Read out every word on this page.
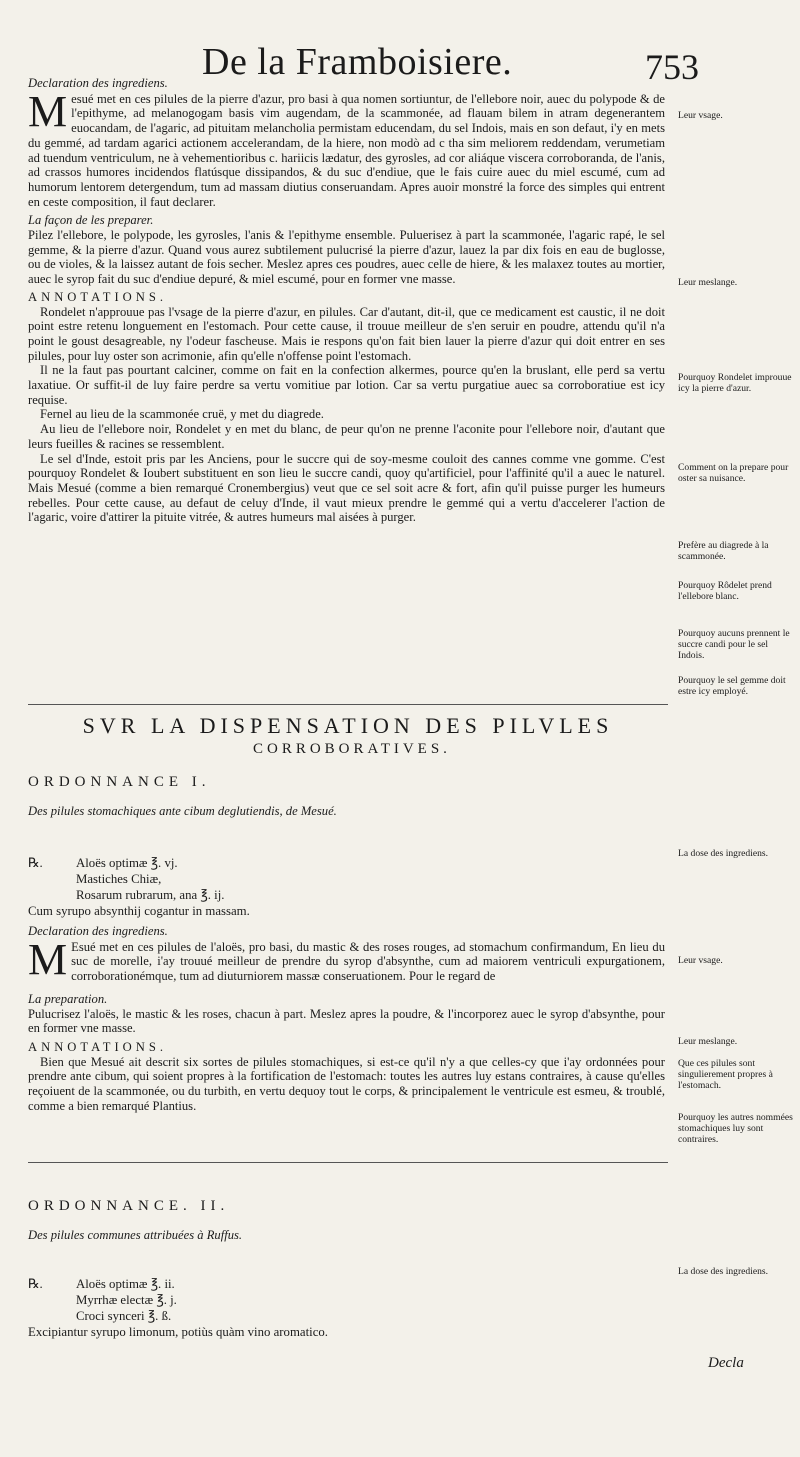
De la Framboisiere.	753

Declaration des ingrediens.

Mesué met en ces pilules de la pierre d'azur, pro basi à qua nomen sortiuntur, de l'ellebore noir, auec du polypode & de l'epithyme, ad melanogogam basis vim augendam, de la scammonée, ad flauam bilem in atram degenerantem euocandam, de l'agaric, ad pituitam melancholia permistam educendam, du sel Indois, mais en son defaut, i'y en mets du gemmé, ad tardam agarici actionem accelerandam, de la hiere, non modò ad c tha sim meliorem reddendam, verumetiam ad tuendum ventriculum, ne à vehementioribus c. hariicis lædatur, des gyrosles, ad cor aliáque viscera corroboranda, de l'anis, ad crassos humores incidendos flatúsque dissipandos, & du suc d'endiue, que le fais cuire auec du miel escumé, cum ad humorum lentorem detergendum, tum ad massam diutius conseruandam. Apres auoir monstré la force des simples qui entrent en ceste composition, il faut declarer.

La façon de les preparer.

Pilez l'ellebore, le polypode, les gyrosles, l'anis & l'epithyme ensemble. Puluerisez à part la scammonée, l'agaric rapé, le sel gemme, & la pierre d'azur. Quand vous aurez subtilement pulucrisé la pierre d'azur, lauez la par dix fois en eau de buglosse, ou de violes, & la laissez autant de fois secher. Meslez apres ces poudres, auec celle de hiere, & les malaxez toutes au mortier, auec le syrop fait du suc d'endiue depuré, & miel escumé, pour en former vne masse.

ANNOTATIONS.

Rondelet n'approuue pas l'vsage de la pierre d'azur, en pilules. Car d'autant, dit-il, que ce medicament est caustic, il ne doit point estre retenu longuement en l'estomach. Pour cette cause, il trouue meilleur de s'en seruir en poudre, attendu qu'il n'a point le goust desagreable, ny l'odeur fascheuse. Mais ie respons qu'on fait bien lauer la pierre d'azur qui doit entrer en ses pilules, pour luy oster son acrimonie, afin qu'elle n'offense point l'estomach.

Il ne la faut pas pourtant calciner, comme on fait en la confection alkermes, pource qu'en la bruslant, elle perd sa vertu laxatiue. Or suffit-il de luy faire perdre sa vertu vomitiue par lotion. Car sa vertu purgatiue auec sa corroboratiue est icy requise.

Fernel au lieu de la scammonée cruë, y met du diagrede.

Au lieu de l'ellebore noir, Rondelet y en met du blanc, de peur qu'on ne prenne l'aconite pour l'ellebore noir, d'autant que leurs fueilles & racines se ressemblent.

Le sel d'Inde, estoit pris par les Anciens, pour le succre qui de soy-mesme couloit des cannes comme vne gomme. C'est pourquoy Rondelet & Ioubert substituent en son lieu le succre candi, quoy qu'artificiel, pour l'affinité qu'il a auec le naturel. Mais Mesué (comme a bien remarqué Cronembergius) veut que ce sel soit acre & fort, afin qu'il puisse purger les humeurs rebelles. Pour cette cause, au defaut de celuy d'Inde, il vaut mieux prendre le gemmé qui a vertu d'accelerer l'action de l'agaric, voire d'attirer la pituite vitrée, & autres humeurs mal aisées à purger.

Leur vsage.
Leur meslange.
Pourquoy Rondelet improuue icy la pierre d'azur.
Comment on la prepare pour oster sa nuisance.
Prefère au diagrede à la scammonée.
Pourquoy Rôdelet prend l'ellebore blanc.
Pourquoy aucuns prennent le succre candi pour le sel Indois.
Pourquoy le sel gemme doit estre icy employé.

SVR LA DISPENSATION DES PILVLES

CORROBORATIVES.

ORDONNANCE I.

Des pilules stomachiques ante cibum deglutiendis, de Mesué.

℞.	Aloës optimæ ℥. vj.
Mastiches Chiæ,
Rosarum rubrarum, ana ℥. ij.
Cum syrupo absynthij cogantur in massam.

Declaration des ingrediens.

M Esué met en ces pilules de l'aloës, pro basi, du mastic & des roses rouges, ad stomachum confirmandum, En lieu du suc de morelle, i'ay trouué meilleur de prendre du syrop d'absynthe, cum ad maiorem ventriculi expurgationem, corroborationémque, tum ad diuturniorem massæ conseruationem. Pour le regard de

La preparation.

Pulucrisez l'aloës, le mastic & les roses, chacun à part. Meslez apres la poudre, & l'incorporez auec le syrop d'absynthe, pour en former vne masse.

ANNOTATIONS.

Bien que Mesué ait descrit six sortes de pilules stomachiques, si est-ce qu'il n'y a que celles-cy que i'ay ordonnées pour prendre ante cibum, qui soient propres à la fortification de l'estomach: toutes les autres luy estans contraires, à cause qu'elles reçoiuent de la scammonée, ou du turbith, en vertu dequoy tout le corps, & principalement le ventricule est esmeu, & troublé, comme a bien remarqué Plantius.

La dose des ingrediens.
Leur vsage.
Leur meslange.
Que ces pilules sont singulierement propres à l'estomach.
Pourquoy les autres nommées stomachiques luy sont contraires.

ORDONNANCE. II.

Des pilules communes attribuées à Ruffus.

℞.	Aloës optimæ ℥. ii.
Myrrhæ electæ ℥. j.
Croci synceri ℥. ß.
Excipiantur syrupo limonum, potiùs quàm vino aromatico.
La dose des ingrediens.
Decla
